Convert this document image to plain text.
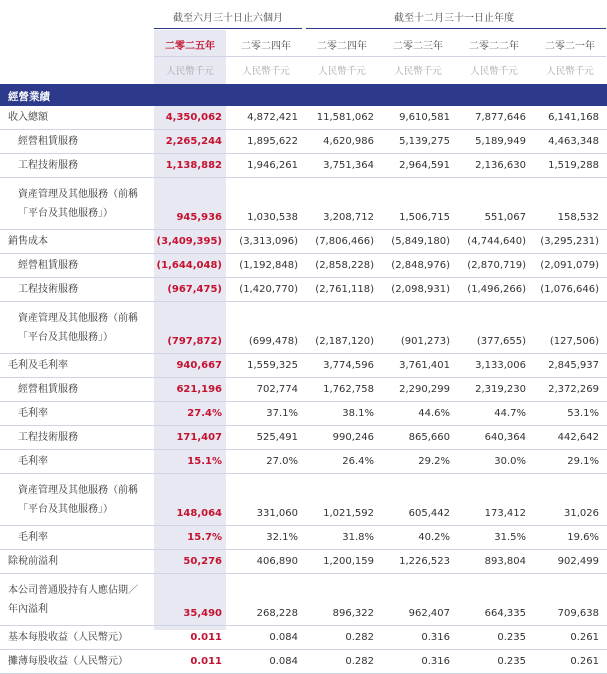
截至六月三十日止六個月	截至十二月三十一日止年度
二零二五年	二零二四年	二零二四年	二零二三年	二零二二年	二零二一年
人民幣千元	人民幣千元	人民幣千元	人民幣千元	人民幣千元	人民幣千元
經營業績
收入總額	4,350,062	4,872,421	11,581,062	9,610,581	7,877,646	6,141,168

經營租賃服務	2,265,244	1,895,622	4,620,986	5,139,275	5,189,949	4,463,348

工程技術服務	1,138,882	1,946,261	3,751,364	2,964,591	2,136,630	1,519,288

資產管理及其他服務（前稱
「平台及其他服務」）	945,936	1,030,538	3,208,712	1,506,715	551,067	158,532

銷售成本	(3,409,395)	(3,313,096)	(7,806,466)	(5,849,180)	(4,744,640)	(3,295,231)

經營租賃服務	(1,644,048)	(1,192,848)	(2,858,228)	(2,848,976)	(2,870,719)	(2,091,079)

工程技術服務	(967,475)	(1,420,770)	(2,761,118)	(2,098,931)	(1,496,266)	(1,076,646)

資產管理及其他服務（前稱
「平台及其他服務」）	(797,872)	(699,478)	(2,187,120)	(901,273)	(377,655)	(127,506)

毛利及毛利率	940,667	1,559,325	3,774,596	3,761,401	3,133,006	2,845,937

經營租賃服務	621,196	702,774	1,762,758	2,290,299	2,319,230	2,372,269

毛利率	27.4%	37.1%	38.1%	44.6%	44.7%	53.1%

工程技術服務	171,407	525,491	990,246	865,660	640,364	442,642

毛利率	15.1%	27.0%	26.4%	29.2%	30.0%	29.1%

資產管理及其他服務（前稱
「平台及其他服務」）	148,064	331,060	1,021,592	605,442	173,412	31,026

毛利率	15.7%	32.1%	31.8%	40.2%	31.5%	19.6%

除稅前溢利	50,276	406,890	1,200,159	1,226,523	893,804	902,499

本公司普通股持有人應佔期／
年內溢利	35,490	268,228	896,322	962,407	664,335	709,638

基本每股收益（人民幣元）	0.011	0.084	0.282	0.316	0.235	0.261

攤薄每股收益（人民幣元）	0.011	0.084	0.282	0.316	0.235	0.261
